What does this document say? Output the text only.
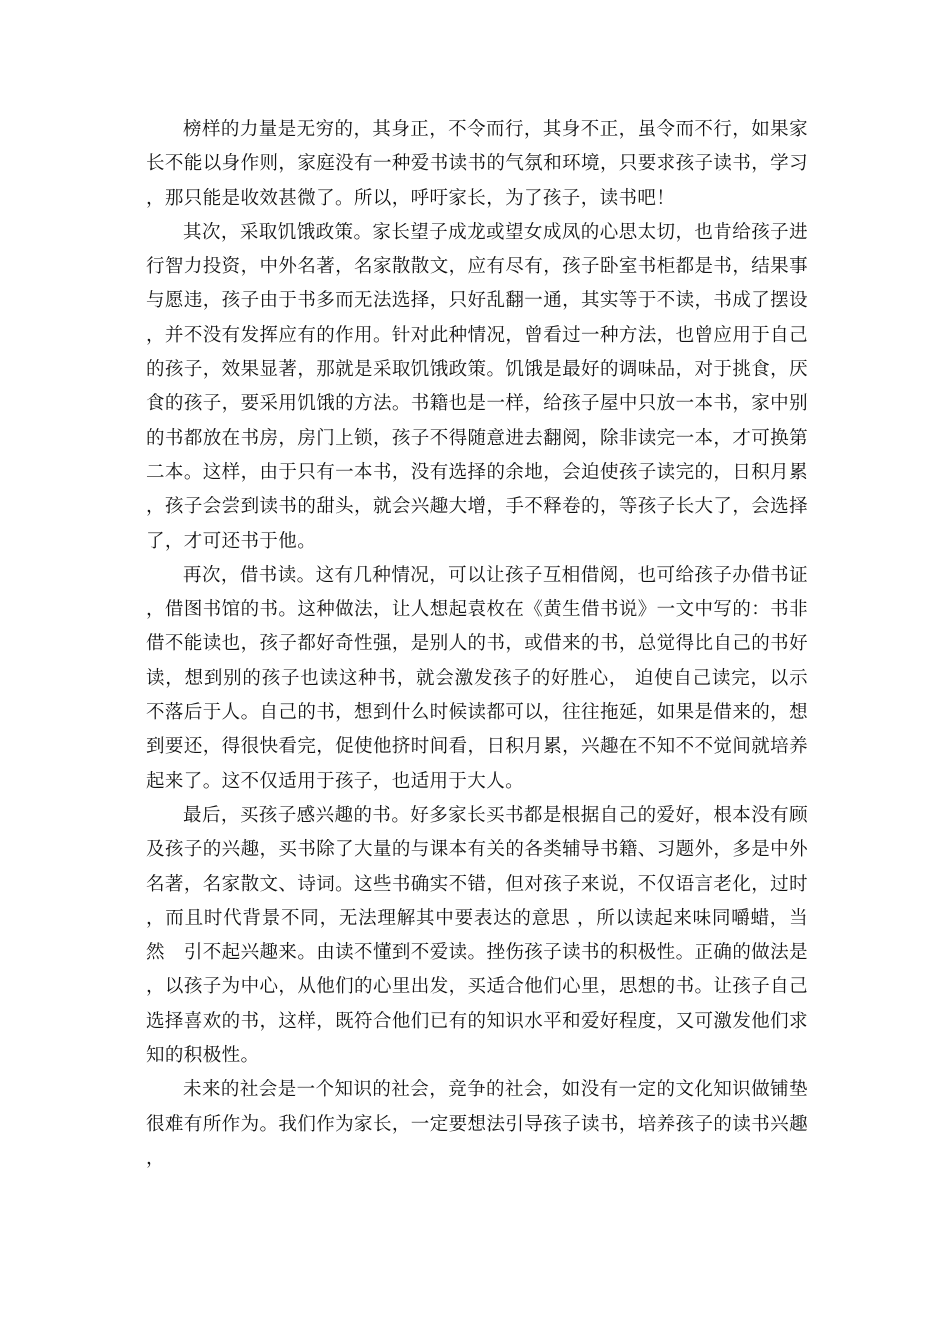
榜样的力量是无穷的，其身正，不令而行，其身不正，虽令而不行，如果家长不能以身作则，家庭没有一种爱书读书的气氛和环境，只要求孩子读书，学习，那只能是收效甚微了。所以，呼吁家长，为了孩子，读书吧！

其次，采取饥饿政策。家长望子成龙或望女成凤的心思太切，也肯给孩子进行智力投资，中外名著，名家散散文，应有尽有，孩子卧室书柜都是书，结果事与愿违，孩子由于书多而无法选择，只好乱翻一通，其实等于不读，书成了摆设，并不没有发挥应有的作用。针对此种情况，曾看过一种方法，也曾应用于自己的孩子，效果显著，那就是采取饥饿政策。饥饿是最好的调味品，对于挑食，厌食的孩子，要采用饥饿的方法。书籍也是一样，给孩子屋中只放一本书，家中别的书都放在书房，房门上锁，孩子不得随意进去翻阅，除非读完一本，才可换第二本。这样，由于只有一本书，没有选择的余地，会迫使孩子读完的，日积月累，孩子会尝到读书的甜头，就会兴趣大增，手不释卷的，等孩子长大了，会选择了，才可还书于他。

再次，借书读。这有几种情况，可以让孩子互相借阅，也可给孩子办借书证，借图书馆的书。这种做法，让人想起袁枚在《黄生借书说》一文中写的：书非借不能读也，孩子都好奇性强，是别人的书，或借来的书，总觉得比自己的书好读，想到别的孩子也读这种书，就会激发孩子的好胜心， 迫使自己读完，以示不落后于人。自己的书，想到什么时候读都可以，往往拖延，如果是借来的，想到要还，得很快看完，促使他挤时间看，日积月累，兴趣在不知不不觉间就培养起来了。这不仅适用于孩子，也适用于大人。

最后，买孩子感兴趣的书。好多家长买书都是根据自己的爱好，根本没有顾及孩子的兴趣，买书除了大量的与课本有关的各类辅导书籍、习题外，多是中外名著，名家散文、诗词。这些书确实不错，但对孩子来说，不仅语言老化，过时，而且时代背景不同，无法理解其中要表达的意思 ，所以读起来味同嚼蜡，当然　引不起兴趣来。由读不懂到不爱读。挫伤孩子读书的积极性。正确的做法是，以孩子为中心，从他们的心里出发，买适合他们心里，思想的书。让孩子自己选择喜欢的书，这样，既符合他们已有的知识水平和爱好程度，又可激发他们求知的积极性。

未来的社会是一个知识的社会，竞争的社会，如没有一定的文化知识做铺垫很难有所作为。我们作为家长，一定要想法引导孩子读书，培养孩子的读书兴趣，
